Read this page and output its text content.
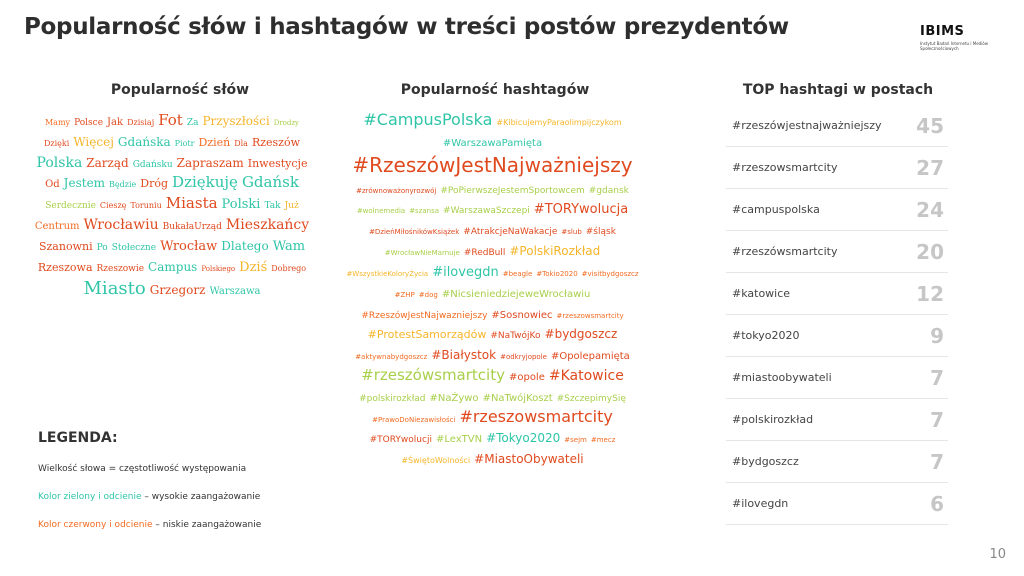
Popularność słów i hashtagów w treści postów prezydentów	IBIMS
Instytut Badań Internetu i Mediów Społecznościowych
Popularność słów	Popularność hashtagów	TOP hashtagi w postach
Mamy Polsce Jak Dzisiaj Fot Za Przyszłości DrodzyDzięki Więcej Gdańska Piotr Dzień Dla RzeszówPolska Zarząd Gdańsku Zapraszam InwestycjeOd Jestem Będzie Dróg Dziękuję GdańskSerdecznie Cieszę Toruniu Miasta Polski Tak JużCentrum Wrocławiu BukałaUrząd MieszkańcySzanowni Po Stołeczne Wrocław Dlatego WamRzeszowa Rzeszowie Campus Polskiego Dziś DobregoMiasto Grzegorz Warszawa
#CampusPolska #KibicujemyParaolimpijczykom#WarszawaPamięta#RzeszówJestNajważniejszy#zrównoważonyrozwój #PoPierwszeJestemSportowcem #gdansk#wolnemedia #szansa #WarszawaSzczepi #TORYwolucja#DzieńMiłośnikówKsiążek #AtrakcjeNaWakacje #slub #śląsk#WrocławNieMarnuje #RedBull #PolskiRozkład#WszystkieKoloryŻycia #ilovegdn #beagle #Tokio2020 #visitbydgoszcz#ZHP #dog #NicsieniedziejeweWrocławiu#RzeszówJestNajwazniejszy #Sosnowiec #rzeszowsmartcity#ProtestSamorządów #NaTwójKo #bydgoszcz#aktywnabydgoszcz #Białystok #odkryjopole #Opolepamięta#rzeszówsmartcity #opole #Katowice#polskirozkład #NaŻywo #NaTwójKoszt #SzczepimySię#PrawoDoNiezawisłości #rzeszowsmartcity#TORYwolucji #LexTVN #Tokyo2020 #sejm #mecz#ŚwiętoWolności #MiastoObywateli
#rzeszówjestnajważniejszy 45
#rzeszowsmartcity	27
#campuspolska	24
#rzeszówsmartcity	20
#katowice	12
#tokyo2020	9
#miastoobywateli	7
#polskirozkład	7
#bydgoszcz	7
#ilovegdn	6
LEGENDA:
Wielkość słowa = częstotliwość występowania
Kolor zielony i odcienie – wysokie zaangażowanie
Kolor czerwony i odcienie – niskie zaangażowanie
10
